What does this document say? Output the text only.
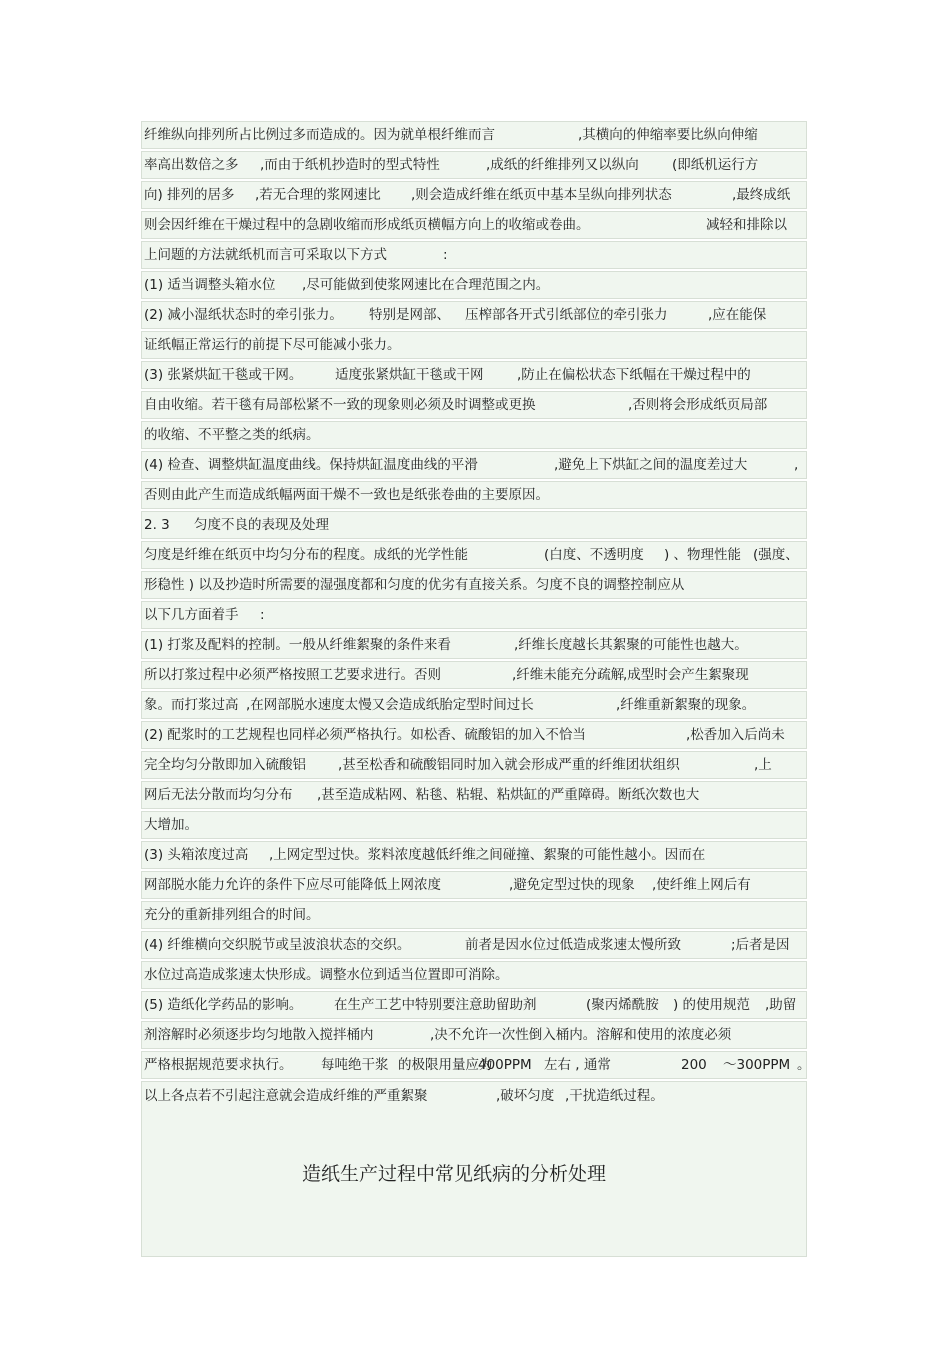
纤维纵向排列所占比例过多而造成的。因为就单根纤维而言	,其横向的伸缩率要比纵向伸缩
率高出数倍之多 ,而由于纸机抄造时的型式特性	,成纸的纤维排列又以纵向 (即纸机运行方
向) 排列的居多 ,若无合理的浆网速比 ,则会造成纤维在纸页中基本呈纵向排列状态	,最终成纸
则会因纤维在干燥过程中的急剧收缩而形成纸页横幅方向上的收缩或卷曲。	减轻和排除以
上问题的方法就纸机而言可采取以下方式	:
(1) 适当调整头箱水位 ,尽可能做到使浆网速比在合理范围之内。
(2) 减小湿纸状态时的牵引张力。 特别是网部、 压榨部各开式引纸部位的牵引张力	,应在能保
证纸幅正常运行的前提下尽可能减小张力。
(3) 张紧烘缸干毯或干网。 适度张紧烘缸干毯或干网 ,防止在偏松状态下纸幅在干燥过程中的
自由收缩。若干毯有局部松紧不一致的现象则必须及时调整或更换	,否则将会形成纸页局部
的收缩、不平整之类的纸病。
(4) 检查、调整烘缸温度曲线。保持烘缸温度曲线的平滑	,避免上下烘缸之间的温度差过大	,
否则由此产生而造成纸幅两面干燥不一致也是纸张卷曲的主要原因。
2. 3 匀度不良的表现及处理
匀度是纤维在纸页中均匀分布的程度。成纸的光学性能	(白度、不透明度 ) 、物理性能 (强度、
形稳性 ) 以及抄造时所需要的湿强度都和匀度的优劣有直接关系。匀度不良的调整控制应从
以下几方面着手 :
(1) 打浆及配料的控制。一般从纤维絮聚的条件来看	,纤维长度越长其絮聚的可能性也越大。
所以打浆过程中必须严格按照工艺要求进行。否则	,纤维未能充分疏解
,成型时会产生絮聚现
象。而打浆过高 ,在网部脱水速度太慢又会造成纸胎定型时间过长	,纤维重新絮聚的现象。
(2) 配浆时的工艺规程也同样必须严格执行。如松香、硫酸铝的加入不恰当	,松香加入后尚未
完全均匀分散即加入硫酸铝 ,甚至松香和硫酸铝同时加入就会形成严重的纤维团状组织	,上
网后无法分散而均匀分布 ,甚至造成粘网、粘毯、粘辊、粘烘缸的严重障碍。断纸次数也大
大增加。
(3) 头箱浓度过高 ,上网定型过快。浆料浓度越低纤维之间碰撞、絮聚的可能性越小。因而在
网部脱水能力允许的条件下应尽可能降低上网浓度	,避免定型过快的现象 ,使纤维上网后有
充分的重新排列组合的时间。
(4) 纤维横向交织脱节或呈波浪状态的交织。	前者是因水位过低造成浆速太慢所致	;后者是因
水位过高造成浆速太快形成。调整水位到适当位置即可消除。
(5) 造纸化学药品的影响。 在生产工艺中特别要注意助留助剂	(聚丙烯酰胺 ) 的使用规范 ,助留
剂溶解时必须逐步均匀地散入搅拌桶内	,决不允许一次性倒入桶内。溶解和使用的浓度必须
严格根据规范要求执行。 每吨绝干浆 的极限用量应为
400PPM 左右 , 通常	200 ～300PPM 。
以上各点若不引起注意就会造成纤维的严重絮聚	,破坏匀度 ,干扰造纸过程。
造纸生产过程中常见纸病的分析处理
